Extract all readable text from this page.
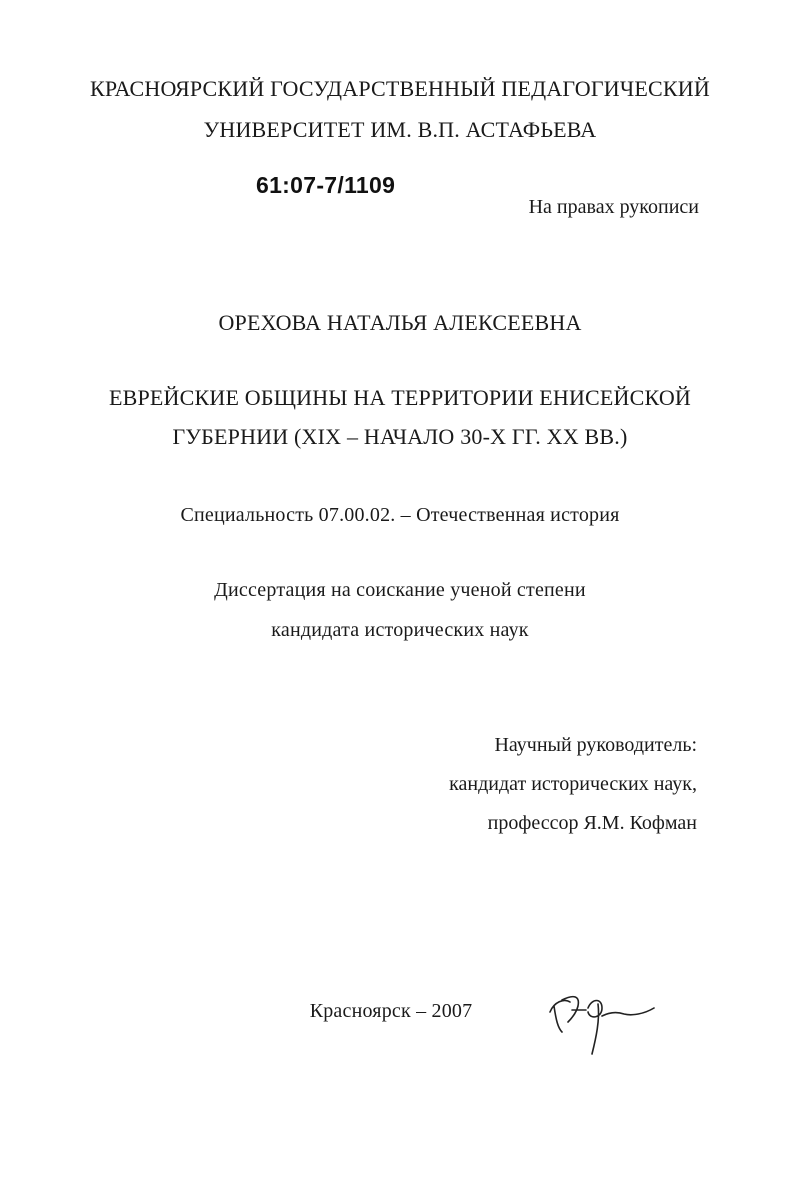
КРАСНОЯРСКИЙ ГОСУДАРСТВЕННЫЙ ПЕДАГОГИЧЕСКИЙ
УНИВЕРСИТЕТ ИМ. В.П. АСТАФЬЕВА
61:07-7/1109
На правах рукописи
ОРЕХОВА НАТАЛЬЯ АЛЕКСЕЕВНА
ЕВРЕЙСКИЕ ОБЩИНЫ НА ТЕРРИТОРИИ ЕНИСЕЙСКОЙ
ГУБЕРНИИ (XIX – НАЧАЛО 30-Х ГГ. XX ВВ.)
Специальность 07.00.02. – Отечественная история
Диссертация на соискание ученой степени
кандидата исторических наук
Научный руководитель:
кандидат исторических наук,
профессор Я.М. Кофман
Красноярск – 2007
